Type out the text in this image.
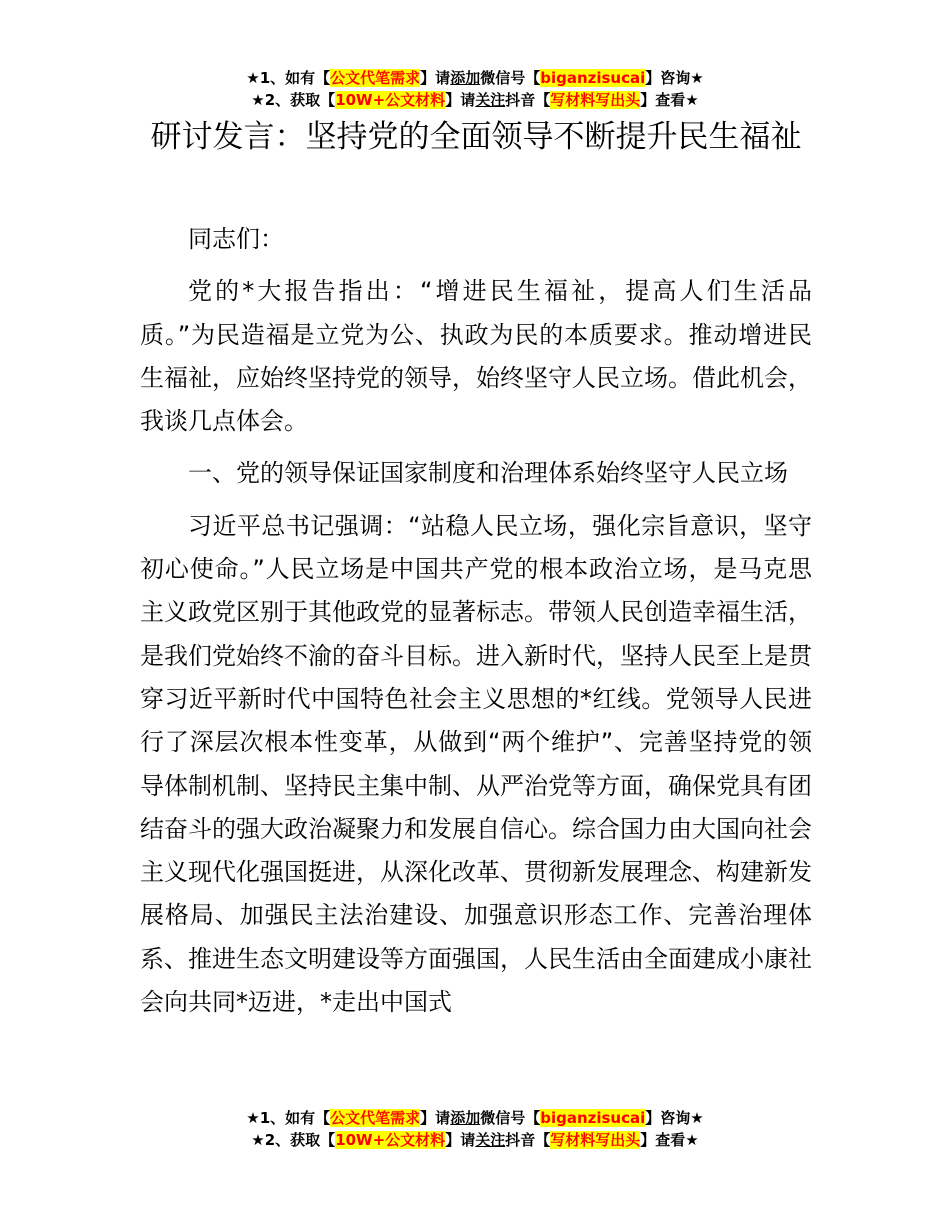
★1、如有【公文代笔需求】请添加微信号【biganzisucai】咨询★
★2、获取【10W+公文材料】请关注抖音【写材料写出头】查看★
研讨发言：坚持党的全面领导不断提升民生福祉

同志们：

党的*大报告指出：“增进民生福祉，提高人们生活品质。”为民造福是立党为公、执政为民的本质要求。推动增进民生福祉，应始终坚持党的领导，始终坚守人民立场。借此机会，我谈几点体会。

一、党的领导保证国家制度和治理体系始终坚守人民立场

习近平总书记强调：“站稳人民立场，强化宗旨意识，坚守初心使命。”人民立场是中国共产党的根本政治立场，是马克思主义政党区别于其他政党的显著标志。带领人民创造幸福生活，是我们党始终不渝的奋斗目标。进入新时代，坚持人民至上是贯穿习近平新时代中国特色社会主义思想的*红线。党领导人民进行了深层次根本性变革，从做到“两个维护”、完善坚持党的领导体制机制、坚持民主集中制、从严治党等方面，确保党具有团结奋斗的强大政治凝聚力和发展自信心。综合国力由大国向社会主义现代化强国挺进，从深化改革、贯彻新发展理念、构建新发展格局、加强民主法治建设、加强意识形态工作、完善治理体系、推进生态文明建设等方面强国，人民生活由全面建成小康社会向共同*迈进，*走出中国式

★1、如有【公文代笔需求】请添加微信号【biganzisucai】咨询★
★2、获取【10W+公文材料】请关注抖音【写材料写出头】查看★
